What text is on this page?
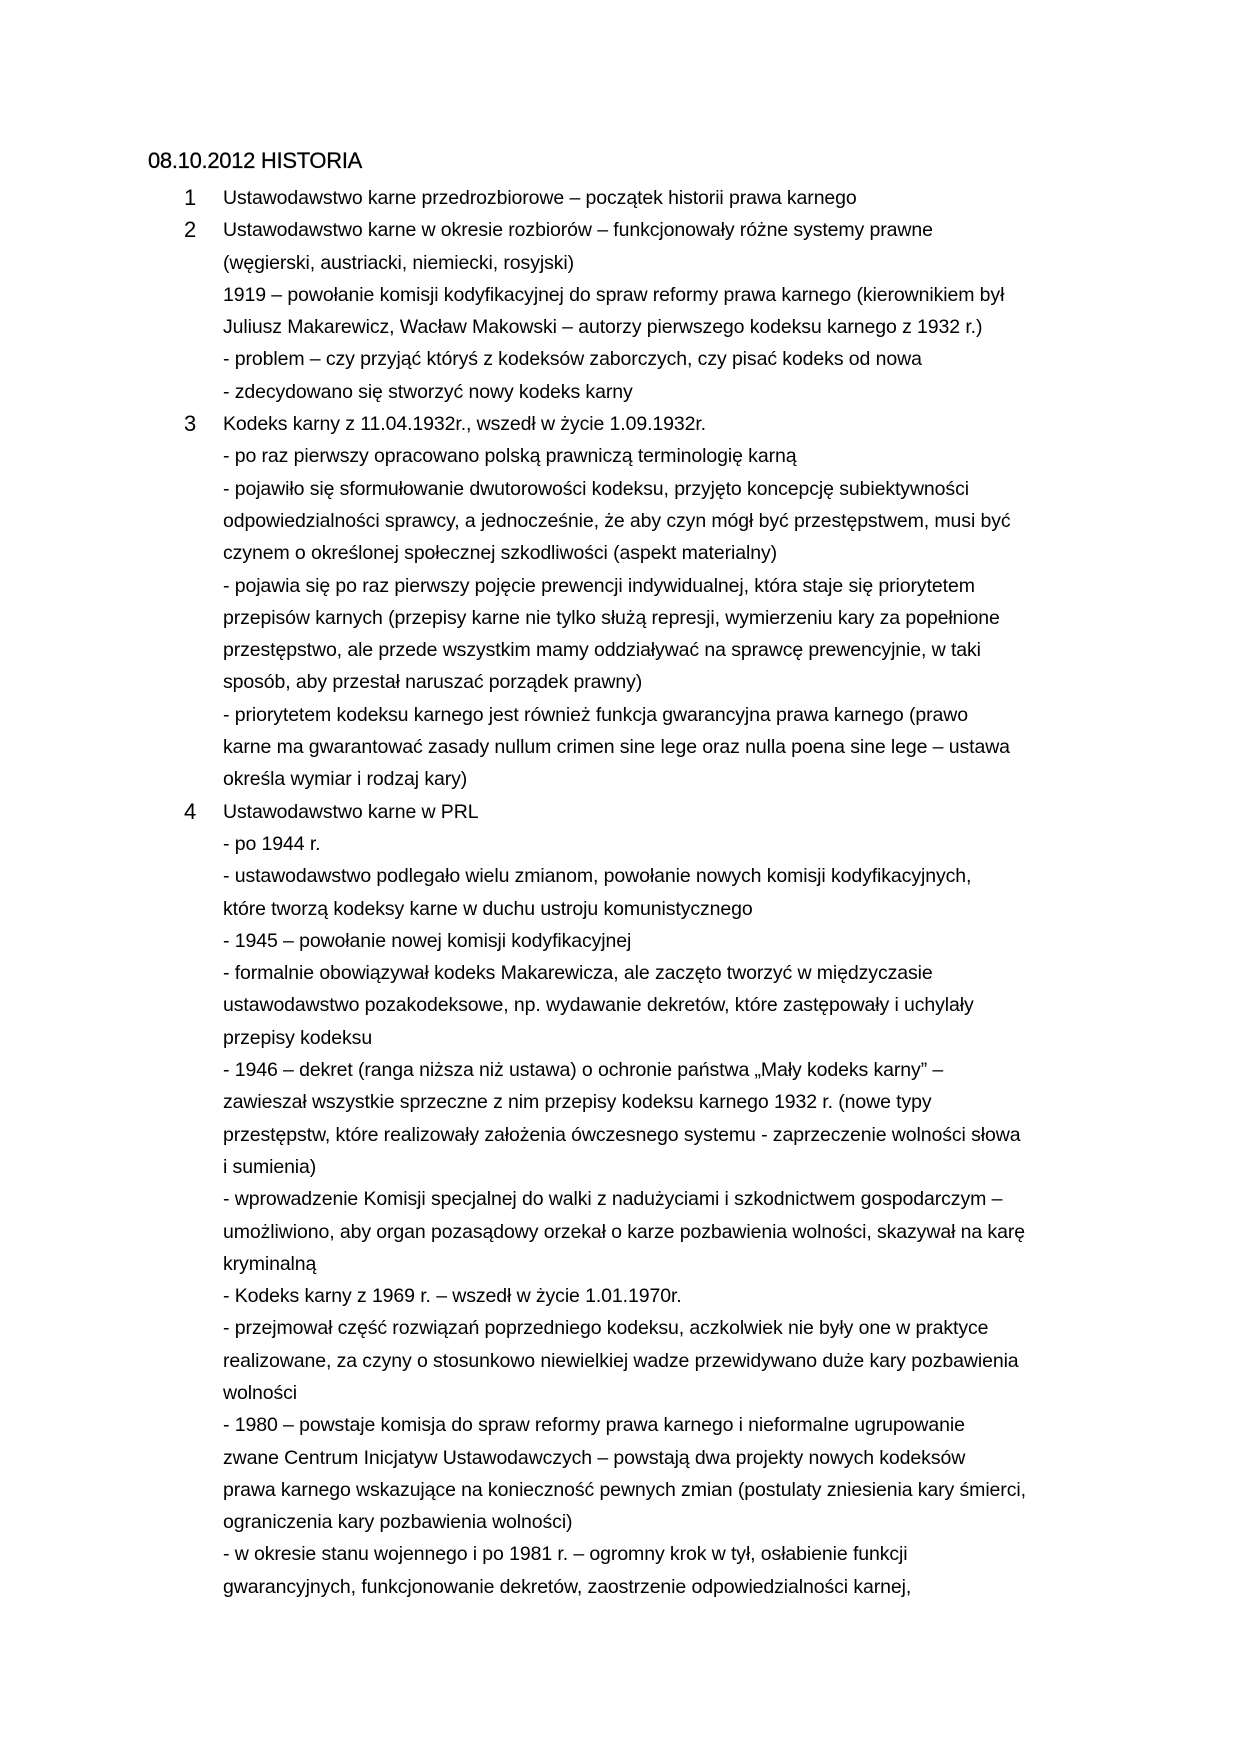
08.10.2012 HISTORIA
1	Ustawodawstwo karne przedrozbiorowe – początek historii prawa karnego
2	Ustawodawstwo karne w okresie rozbiorów – funkcjonowały różne systemy prawne
(węgierski, austriacki, niemiecki, rosyjski)
1919 – powołanie komisji kodyfikacyjnej do spraw reformy prawa karnego (kierownikiem był
Juliusz Makarewicz, Wacław Makowski – autorzy pierwszego kodeksu karnego z 1932 r.)
- problem – czy przyjąć któryś z kodeksów zaborczych, czy pisać kodeks od nowa
- zdecydowano się stworzyć nowy kodeks karny
3	Kodeks karny z 11.04.1932r., wszedł w życie 1.09.1932r.
- po raz pierwszy opracowano polską prawniczą terminologię karną
- pojawiło się sformułowanie dwutorowości kodeksu, przyjęto koncepcję subiektywności
odpowiedzialności sprawcy, a jednocześnie, że aby czyn mógł być przestępstwem, musi być
czynem o określonej społecznej szkodliwości (aspekt materialny)
- pojawia się po raz pierwszy pojęcie prewencji indywidualnej, która staje się priorytetem
przepisów karnych (przepisy karne nie tylko służą represji, wymierzeniu kary za popełnione
przestępstwo, ale przede wszystkim mamy oddziaływać na sprawcę prewencyjnie, w taki
sposób, aby przestał naruszać porządek prawny)
- priorytetem kodeksu karnego jest również funkcja gwarancyjna prawa karnego (prawo
karne ma gwarantować zasady nullum crimen sine lege oraz nulla poena sine lege – ustawa
określa wymiar i rodzaj kary)
4	Ustawodawstwo karne w PRL
- po 1944 r.
- ustawodawstwo podlegało wielu zmianom, powołanie nowych komisji kodyfikacyjnych,
które tworzą kodeksy karne w duchu ustroju komunistycznego
- 1945 – powołanie nowej komisji kodyfikacyjnej
- formalnie obowiązywał kodeks Makarewicza, ale zaczęto tworzyć w międzyczasie
ustawodawstwo pozakodeksowe, np. wydawanie dekretów, które zastępowały i uchylały
przepisy kodeksu
- 1946 – dekret (ranga niższa niż ustawa) o ochronie państwa „Mały kodeks karny” –
zawieszał wszystkie sprzeczne z nim przepisy kodeksu karnego 1932 r. (nowe typy
przestępstw, które realizowały założenia ówczesnego systemu - zaprzeczenie wolności słowa
i sumienia)
- wprowadzenie Komisji specjalnej do walki z nadużyciami i szkodnictwem gospodarczym –
umożliwiono, aby organ pozasądowy orzekał o karze pozbawienia wolności, skazywał na karę
kryminalną
- Kodeks karny z 1969 r. – wszedł w życie 1.01.1970r.
- przejmował część rozwiązań poprzedniego kodeksu, aczkolwiek nie były one w praktyce
realizowane, za czyny o stosunkowo niewielkiej wadze przewidywano duże kary pozbawienia
wolności
- 1980 – powstaje komisja do spraw reformy prawa karnego i nieformalne ugrupowanie
zwane Centrum Inicjatyw Ustawodawczych – powstają dwa projekty nowych kodeksów
prawa karnego wskazujące na konieczność pewnych zmian (postulaty zniesienia kary śmierci,
ograniczenia kary pozbawienia wolności)
- w okresie stanu wojennego i po 1981 r. – ogromny krok w tył, osłabienie funkcji
gwarancyjnych, funkcjonowanie dekretów, zaostrzenie odpowiedzialności karnej,
